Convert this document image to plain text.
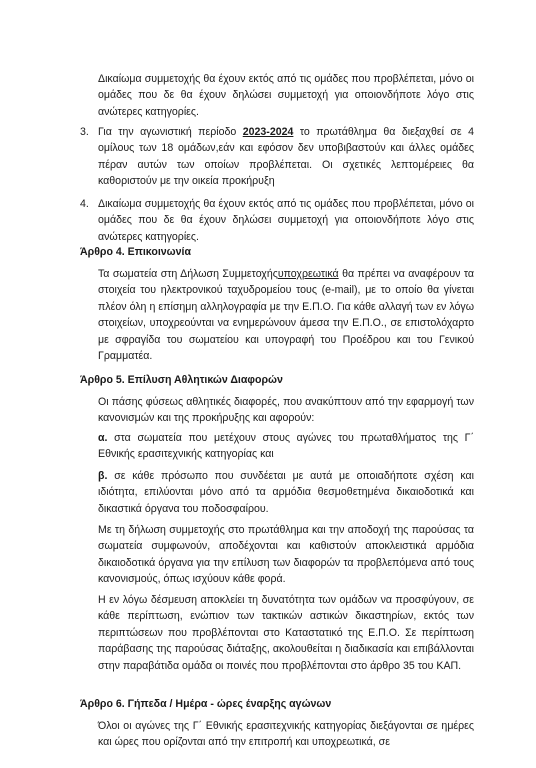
Δικαίωμα συμμετοχής θα έχουν εκτός από τις ομάδες που προβλέπεται, μόνο οι ομάδες που δε θα έχουν δηλώσει συμμετοχή για οποιονδήποτε λόγο στις ανώτερες κατηγορίες.
3. Για την αγωνιστική περίοδο 2023-2024 το πρωτάθλημα θα διεξαχθεί σε 4 ομίλους των 18 ομάδων,εάν και εφόσον δεν υποβιβαστούν και άλλες ομάδες πέραν αυτών των οποίων προβλέπεται. Οι σχετικές λεπτομέρειες θα καθοριστούν με την οικεία προκήρυξη
4. Δικαίωμα συμμετοχής θα έχουν εκτός από τις ομάδες που προβλέπεται, μόνο οι ομάδες που δε θα έχουν δηλώσει συμμετοχή για οποιονδήποτε λόγο στις ανώτερες κατηγορίες.
Άρθρο 4. Επικοινωνία
Τα σωματεία στη Δήλωση Συμμετοχήςυποχρεωτικά θα πρέπει να αναφέρουν τα στοιχεία του ηλεκτρονικού ταχυδρομείου τους (e-mail), με το οποίο θα γίνεται πλέον όλη η επίσημη αλληλογραφία με την Ε.Π.Ο. Για κάθε αλλαγή των εν λόγω στοιχείων, υποχρεούνται να ενημερώνουν άμεσα την Ε.Π.Ο., σε επιστολόχαρτο με σφραγίδα του σωματείου και υπογραφή του Προέδρου και του Γενικού Γραμματέα.
Άρθρο 5. Επίλυση Αθλητικών Διαφορών
Οι πάσης φύσεως αθλητικές διαφορές, που ανακύπτουν από την εφαρμογή των κανονισμών και της προκήρυξης και αφορούν:
α. στα σωματεία που μετέχουν στους αγώνες του πρωταθλήματος της Γ΄ Εθνικής ερασιτεχνικής κατηγορίας και
β. σε κάθε πρόσωπο που συνδέεται με αυτά με οποιαδήποτε σχέση και ιδιότητα, επιλύονται μόνο από τα αρμόδια θεσμοθετημένα δικαιοδοτικά και δικαστικά όργανα του ποδοσφαίρου.
Με τη δήλωση συμμετοχής στο πρωτάθλημα και την αποδοχή της παρούσας τα σωματεία συμφωνούν, αποδέχονται και καθιστούν αποκλειστικά αρμόδια δικαιοδοτικά όργανα για την επίλυση των διαφορών τα προβλεπόμενα από τους κανονισμούς, όπως ισχύουν κάθε φορά.
Η εν λόγω δέσμευση αποκλείει τη δυνατότητα των ομάδων να προσφύγουν, σε κάθε περίπτωση, ενώπιον των τακτικών αστικών δικαστηρίων, εκτός των περιπτώσεων που προβλέπονται στο Καταστατικό της Ε.Π.Ο. Σε περίπτωση παράβασης της παρούσας διάταξης, ακολουθείται η διαδικασία και επιβάλλονται στην παραβάτιδα ομάδα οι ποινές που προβλέπονται στο άρθρο 35 του ΚΑΠ.
Άρθρο 6. Γήπεδα / Ημέρα - ώρες έναρξης αγώνων
Όλοι οι αγώνες της Γ΄ Εθνικής ερασιτεχνικής κατηγορίας διεξάγονται σε ημέρες και ώρες που ορίζονται από την επιτροπή και υποχρεωτικά, σε
